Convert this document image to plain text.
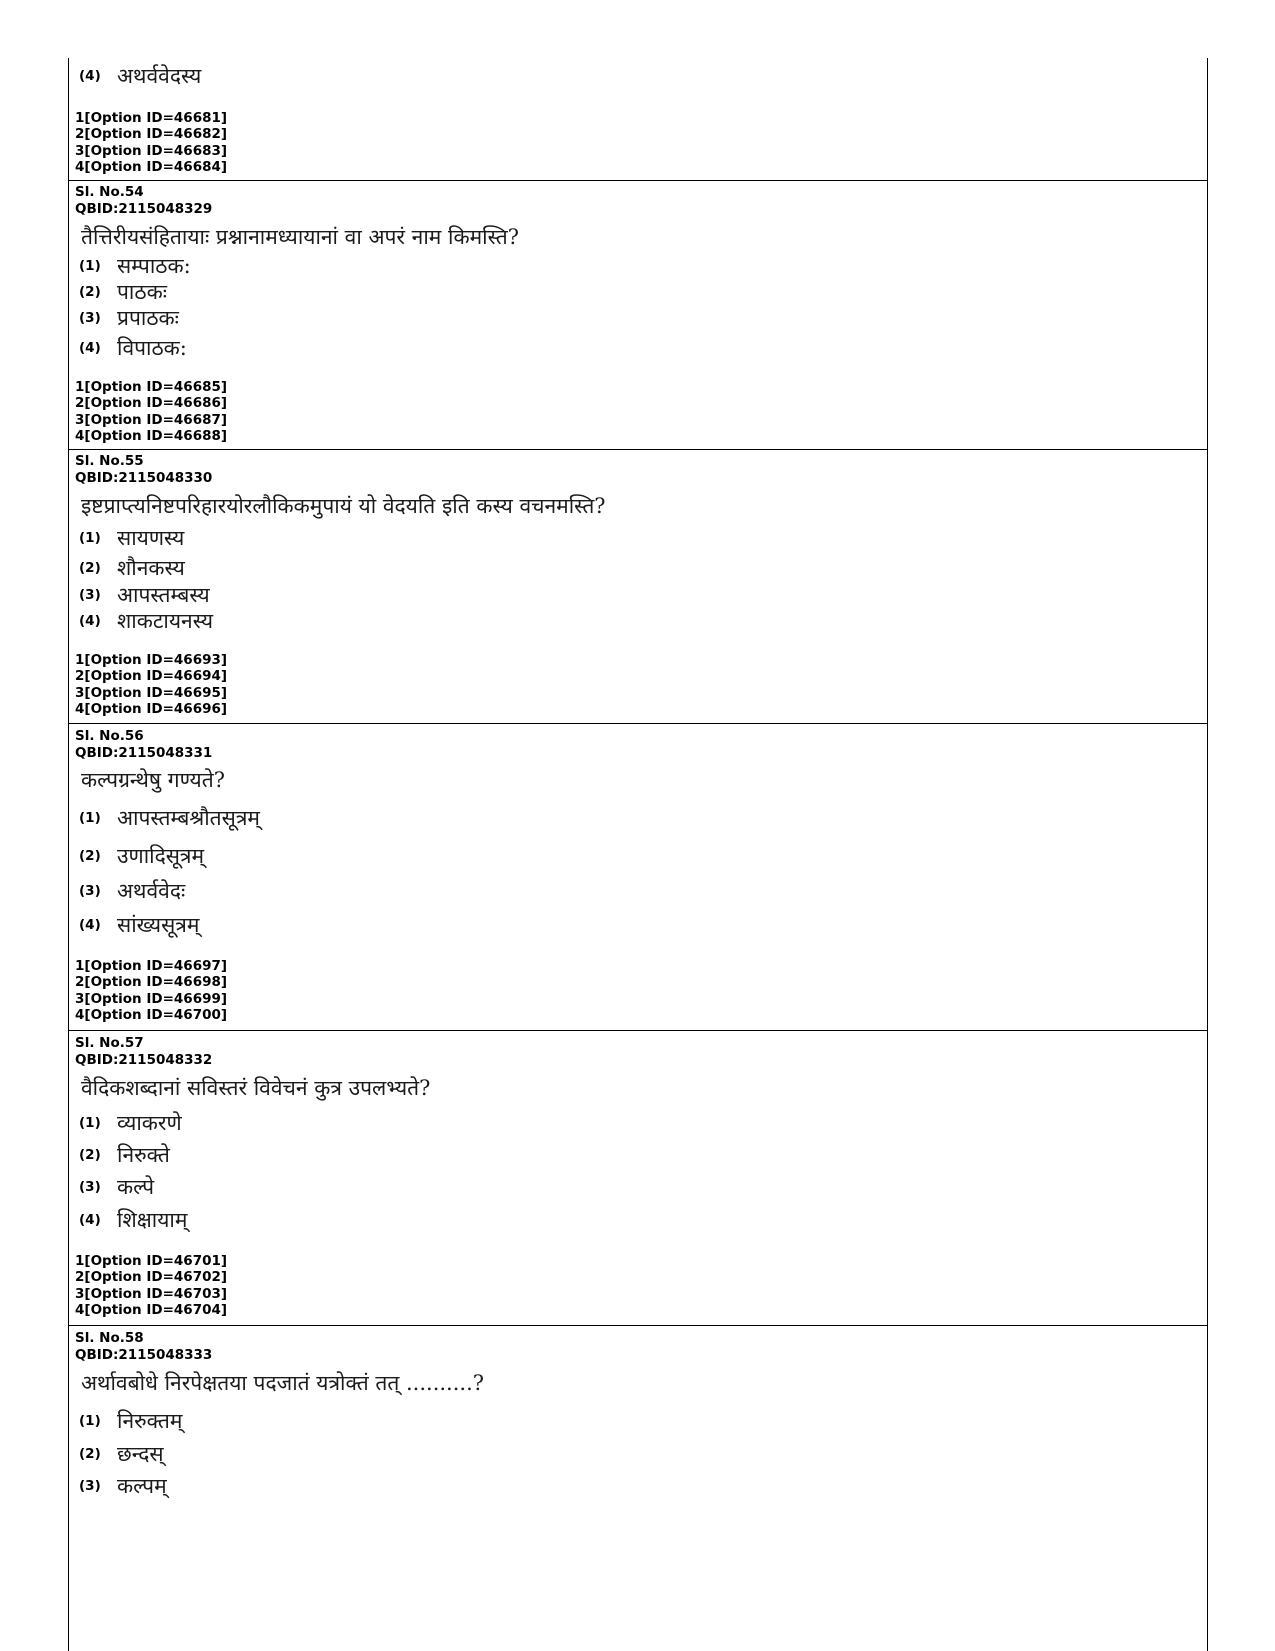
(4) अथर्ववेदस्य
1[Option ID=46681]
2[Option ID=46682]
3[Option ID=46683]
4[Option ID=46684]
Sl. No.54
QBID:2115048329
तैत्तिरीयसंहितायाः प्रश्नानामध्यायानां वा अपरं नाम किमस्ति?
(1) सम्पाठक:
(2) पाठकः
(3) प्रपाठकः
(4) विपाठक:
1[Option ID=46685]
2[Option ID=46686]
3[Option ID=46687]
4[Option ID=46688]
Sl. No.55
QBID:2115048330
इष्टप्राप्त्यनिष्टपरिहारयोरलौकिकमुपायं यो वेदयति इति कस्य वचनमस्ति?
(1) सायणस्य
(2) शौनकस्य
(3) आपस्तम्बस्य
(4) शाकटायनस्य
1[Option ID=46693]
2[Option ID=46694]
3[Option ID=46695]
4[Option ID=46696]
Sl. No.56
QBID:2115048331
कल्पग्रन्थेषु गण्यते?
(1) आपस्तम्बश्रौतसूत्रम्
(2) उणादिसूत्रम्
(3) अथर्ववेदः
(4) सांख्यसूत्रम्
1[Option ID=46697]
2[Option ID=46698]
3[Option ID=46699]
4[Option ID=46700]
Sl. No.57
QBID:2115048332
वैदिकशब्दानां सविस्तरं विवेचनं कुत्र उपलभ्यते?
(1) व्याकरणे
(2) निरुक्ते
(3) कल्पे
(4) शिक्षायाम्
1[Option ID=46701]
2[Option ID=46702]
3[Option ID=46703]
4[Option ID=46704]
Sl. No.58
QBID:2115048333
अर्थावबोधे निरपेक्षतया पदजातं यत्रोक्तं तत् ..........?
(1) निरुक्तम्
(2) छन्दस्
(3) कल्पम्
